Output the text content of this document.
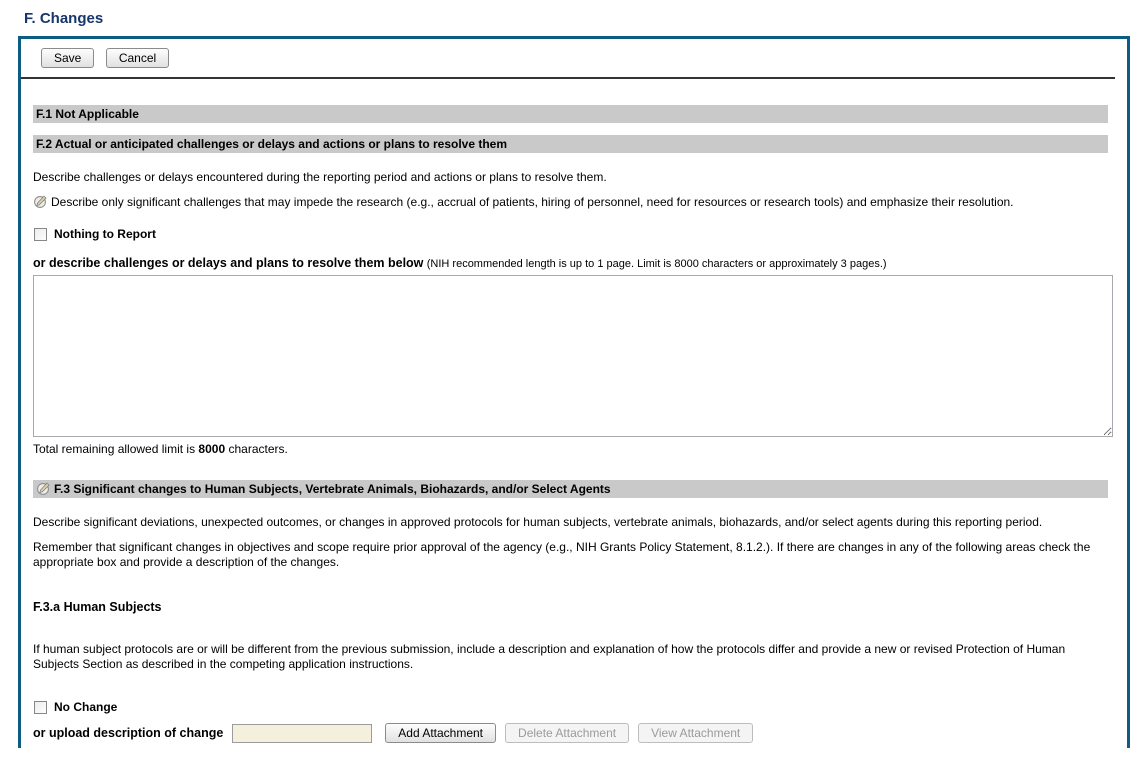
F. Changes
Save	Cancel
F.1 Not Applicable
F.2 Actual or anticipated challenges or delays and actions or plans to resolve them

Describe challenges or delays encountered during the reporting period and actions or plans to resolve them.

Describe only significant challenges that may impede the research (e.g., accrual of patients, hiring of personnel, need for resources or research tools) and emphasize their resolution.
Nothing to Report
or describe challenges or delays and plans to resolve them below (NIH recommended length is up to 1 page. Limit is 8000 characters or approximately 3 pages.)

Total remaining allowed limit is 8000 characters.

F.3 Significant changes to Human Subjects, Vertebrate Animals, Biohazards, and/or Select Agents

Describe significant deviations, unexpected outcomes, or changes in approved protocols for human subjects, vertebrate animals, biohazards, and/or select agents during this reporting period.

Remember that significant changes in objectives and scope require prior approval of the agency (e.g., NIH Grants Policy Statement, 8.1.2.). If there are changes in any of the following areas check the appropriate box and provide a description of the changes.

F.3.a Human Subjects

If human subject protocols are or will be different from the previous submission, include a description and explanation of how the protocols differ and provide a new or revised Protection of Human Subjects Section as described in the competing application instructions.

No Change
or upload description of change	Add Attachment	Delete Attachment	View Attachment
